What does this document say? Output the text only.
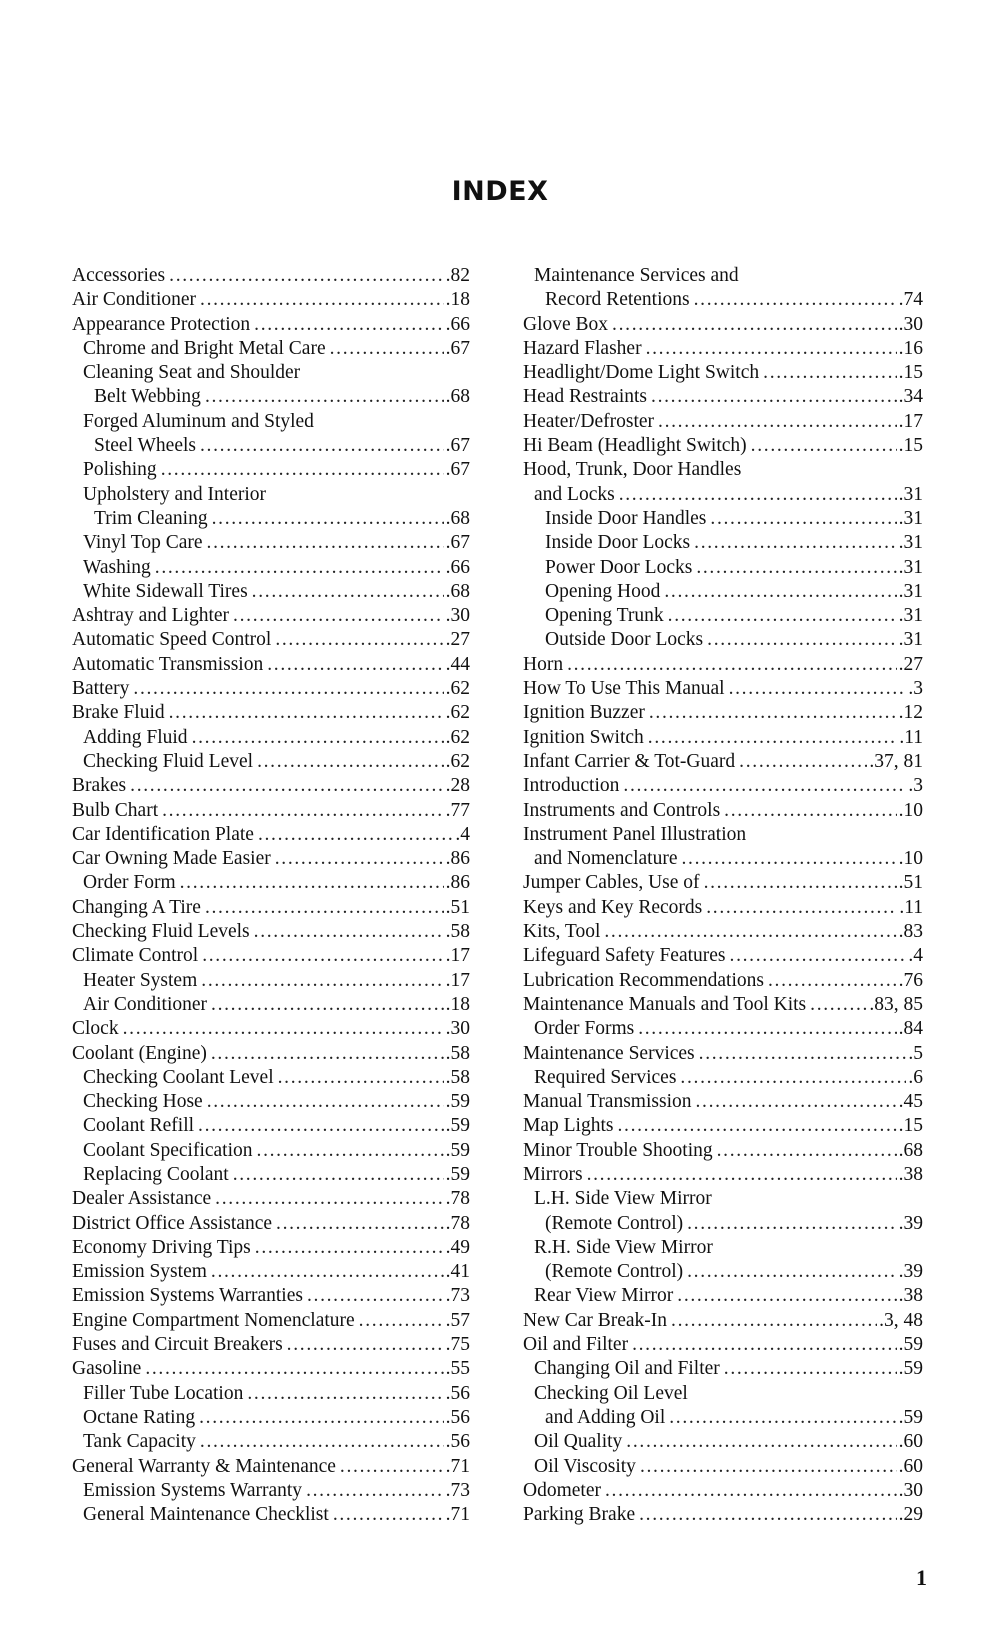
INDEX
Accessories . . .	.82
Air Conditioner . . .	.18
Appearance Protection . . .	.66
Chrome and Bright Metal Care . . .	.67
Cleaning Seat and Shoulder
Belt Webbing . . .	.68
Forged Aluminum and Styled
Steel Wheels . . .	.67
Polishing . . .	.67
Upholstery and Interior
Trim Cleaning . . .	.68
Vinyl Top Care . . .	.67
Washing . . .	.66
White Sidewall Tires . . .	.68
Ashtray and Lighter . . .	.30
Automatic Speed Control . . .	.27
Automatic Transmission . . .	.44
Battery . . .	.62
Brake Fluid . . .	.62
Adding Fluid . . .	.62
Checking Fluid Level . . .	.62
Brakes . . .	.28
Bulb Chart . . .	.77
Car Identification Plate . . .	.4
Car Owning Made Easier . . .	.86
Order Form . . .	.86
Changing A Tire . . .	.51
Checking Fluid Levels . . .	.58
Climate Control . . .	.17
Heater System . . .	.17
Air Conditioner . . .	.18
Clock . . .	.30
Coolant (Engine) . . .	.58
Checking Coolant Level . . .	.58
Checking Hose . . .	.59
Coolant Refill . . .	.59
Coolant Specification . . .	.59
Replacing Coolant . . .	.59
Dealer Assistance . . .	.78
District Office Assistance . . .	.78
Economy Driving Tips . . .	.49
Emission System . . .	.41
Emission Systems Warranties . . .	.73
Engine Compartment Nomenclature . . .	.57
Fuses and Circuit Breakers . . .	.75
Gasoline . . .	.55
Filler Tube Location . . .	.56
Octane Rating . . .	.56
Tank Capacity . . .	.56
General Warranty & Maintenance . . .	.71
Emission Systems Warranty . . .	.73
General Maintenance Checklist . . .	.71
Maintenance Services and
Record Retentions . . .	.74
Glove Box . . .	.30
Hazard Flasher . . .	.16
Headlight/Dome Light Switch . . .	.15
Head Restraints . . .	.34
Heater/Defroster . . .	.17
Hi Beam (Headlight Switch) . . .	.15
Hood, Trunk, Door Handles
and Locks . . .	.31
Inside Door Handles . . .	.31
Inside Door Locks . . .	.31
Power Door Locks . . .	.31
Opening Hood . . .	.31
Opening Trunk . . .	.31
Outside Door Locks . . .	.31
Horn . . .	.27
How To Use This Manual . . .	.3
Ignition Buzzer . . .	.12
Ignition Switch . . .	.11
Infant Carrier & Tot-Guard . . .	.37, 81
Introduction . . .	.3
Instruments and Controls . . .	.10
Instrument Panel Illustration
and Nomenclature . . .	.10
Jumper Cables, Use of . . .	.51
Keys and Key Records . . .	.11
Kits, Tool . . .	.83
Lifeguard Safety Features . . .	.4
Lubrication Recommendations . . .	.76
Maintenance Manuals and Tool Kits . . .	.83, 85
Order Forms . . .	.84
Maintenance Services . . .	.5
Required Services . . .	.6
Manual Transmission . . .	.45
Map Lights . . .	.15
Minor Trouble Shooting . . .	.68
Mirrors . . .	.38
L.H. Side View Mirror
(Remote Control) . . .	.39
R.H. Side View Mirror
(Remote Control) . . .	.39
Rear View Mirror . . .	.38
New Car Break-In . . .	.3, 48
Oil and Filter . . .	.59
Changing Oil and Filter . . .	.59
Checking Oil Level
and Adding Oil . . .	.59
Oil Quality . . .	.60
Oil Viscosity . . .	.60
Odometer . . .	.30
Parking Brake . . .	.29
1
